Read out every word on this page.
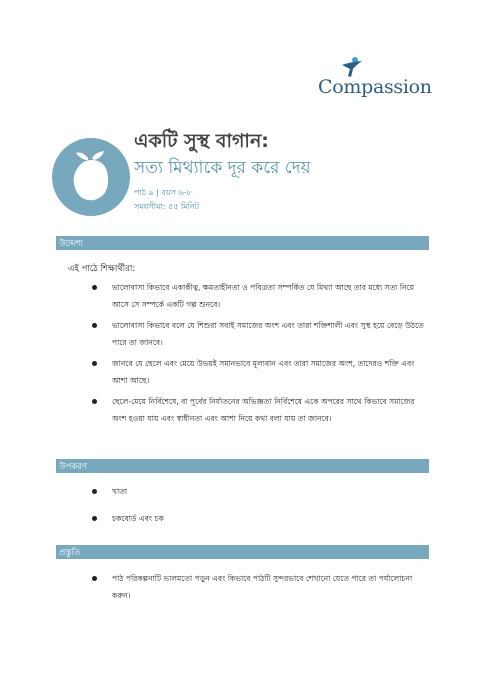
Compassion
একটি সুস্থ বাগান:
সত্য মিথ্যাকে দূর করে দেয়
পাঠ ৯ | বয়স ৬-৮
সময়সীমা: ৫৫ মিনিট
উদ্দেশ্য
এই পাঠে শিক্ষার্থীরা:
ভালোবাসা কিভাবে একাকীত্ব, ক্ষমতাহীনতা ও পবিত্রতা সম্পর্কিত যে মিথ্যা আছে তার মধ্যে সত্য নিয়ে আসে সে সম্পর্কে একটি গল্প শুনবে।
ভালোবাসা কিভাবে বলে যে শিশুরা সবাই সমাজের অংশ এবং তারা শক্তিশালী এবং সুস্থ হয়ে বেড়ে উঠতে পারে তা জানবে।
জানবে যে ছেলে এবং মেয়ে উভয়ই সমানভাবে মূল্যবান এবং তারা সমাজের অংশ, তাদেরও শক্তি এবং আশা আছে।
ছেলে-মেয়ে নির্বিশেষে, বা পূর্বের নির্যাতনের অভিজ্ঞতা নির্বিশেষে একে অপরের সাথে কিভাবে সমাজের অংশ হওয়া যায় এবং স্বাধীনতা এবং আশা নিয়ে কথা বলা যায় তা জানবে।
উপকরণ
খাতা
চকবোর্ড এবং চক
প্রস্তুতি
পাঠ পরিকল্পনাটি ভালমতো পড়ুন এবং কিভাবে পাঠটি সুন্দরভাবে শেখানো যেতে পারে তা পর্যালোচনা করুন।
